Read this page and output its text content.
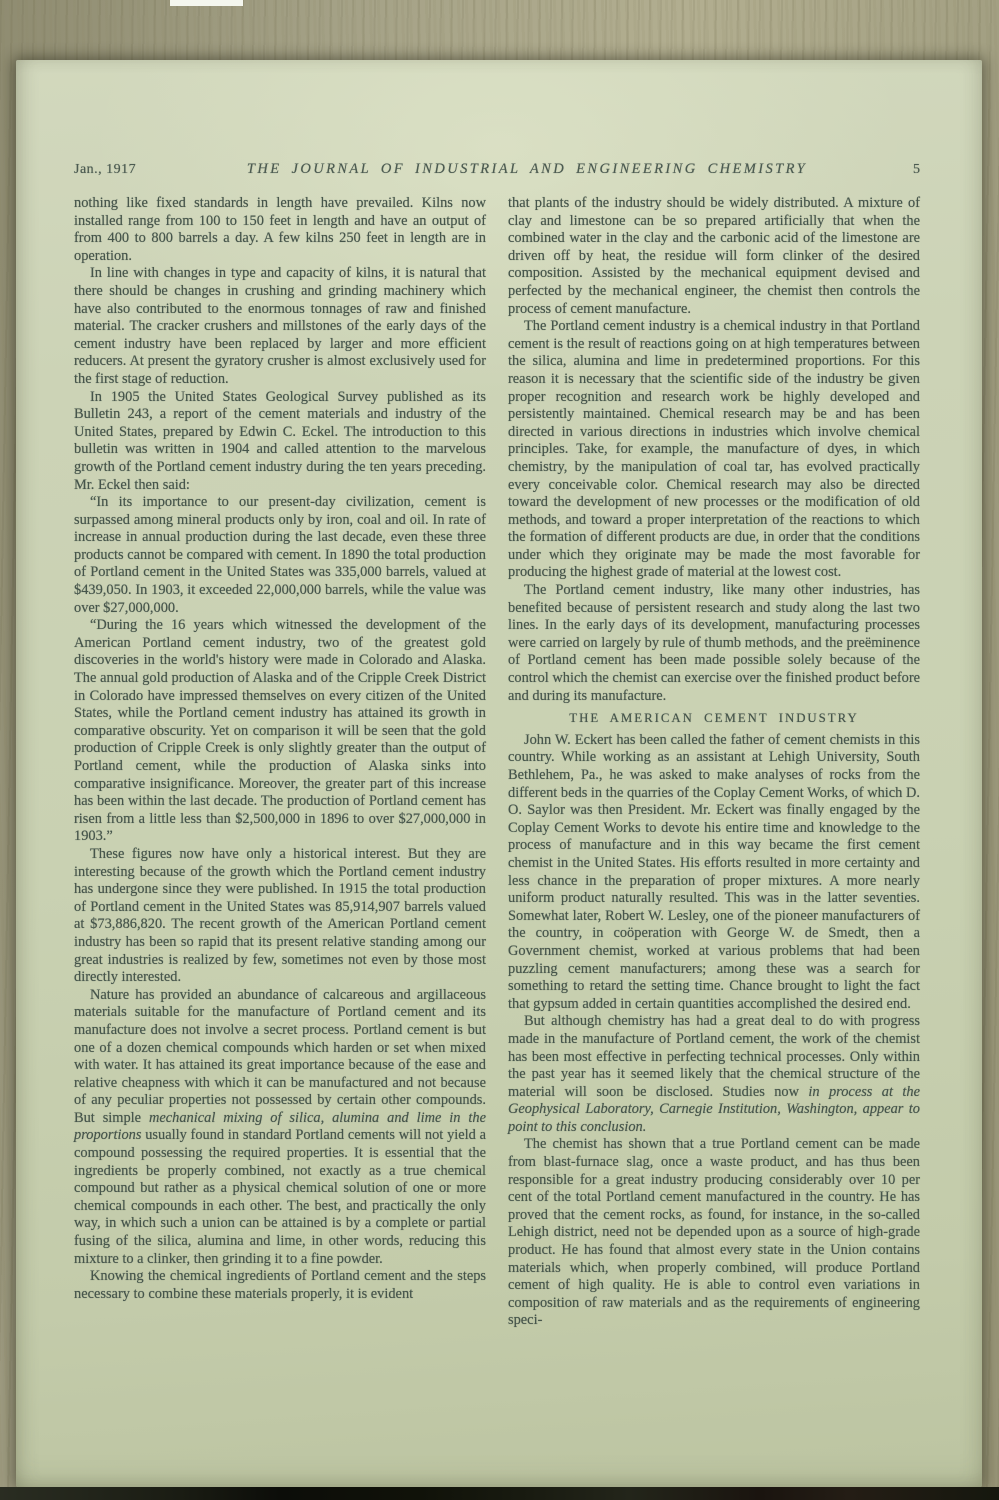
Jan., 1917	THE JOURNAL OF INDUSTRIAL AND ENGINEERING CHEMISTRY	5

nothing like fixed standards in length have prevailed. Kilns now installed range from 100 to 150 feet in length and have an output of from 400 to 800 barrels a day. A few kilns 250 feet in length are in operation.

In line with changes in type and capacity of kilns, it is natural that there should be changes in crushing and grinding machinery which have also contributed to the enormous tonnages of raw and finished material. The cracker crushers and millstones of the early days of the cement industry have been replaced by larger and more efficient reducers. At present the gyratory crusher is almost exclusively used for the first stage of reduction.

In 1905 the United States Geological Survey published as its Bulletin 243, a report of the cement materials and industry of the United States, prepared by Edwin C. Eckel. The introduction to this bulletin was written in 1904 and called attention to the marvelous growth of the Portland cement industry during the ten years preceding. Mr. Eckel then said:

“In its importance to our present-day civilization, cement is surpassed among mineral products only by iron, coal and oil. In rate of increase in annual production during the last decade, even these three products cannot be compared with cement. In 1890 the total production of Portland cement in the United States was 335,000 barrels, valued at $439,050. In 1903, it exceeded 22,000,000 barrels, while the value was over $27,000,000.

“During the 16 years which witnessed the development of the American Portland cement industry, two of the greatest gold discoveries in the world's history were made in Colorado and Alaska. The annual gold production of Alaska and of the Cripple Creek District in Colorado have impressed themselves on every citizen of the United States, while the Portland cement industry has attained its growth in comparative obscurity. Yet on comparison it will be seen that the gold production of Cripple Creek is only slightly greater than the output of Portland cement, while the production of Alaska sinks into comparative insignificance. Moreover, the greater part of this increase has been within the last decade. The production of Portland cement has risen from a little less than $2,500,000 in 1896 to over $27,000,000 in 1903.”

These figures now have only a historical interest. But they are interesting because of the growth which the Portland cement industry has undergone since they were published. In 1915 the total production of Portland cement in the United States was 85,914,907 barrels valued at $73,886,820. The recent growth of the American Portland cement industry has been so rapid that its present relative standing among our great industries is realized by few, sometimes not even by those most directly interested.

Nature has provided an abundance of calcareous and argillaceous materials suitable for the manufacture of Portland cement and its manufacture does not involve a secret process. Portland cement is but one of a dozen chemical compounds which harden or set when mixed with water. It has attained its great importance because of the ease and relative cheapness with which it can be manufactured and not because of any peculiar properties not possessed by certain other compounds. But simple mechanical mixing of silica, alumina and lime in the proportions usually found in standard Portland cements will not yield a compound possessing the required properties. It is essential that the ingredients be properly combined, not exactly as a true chemical compound but rather as a physical chemical solution of one or more chemical compounds in each other. The best, and practically the only way, in which such a union can be attained is by a complete or partial fusing of the silica, alumina and lime, in other words, reducing this mixture to a clinker, then grinding it to a fine powder.

Knowing the chemical ingredients of Portland cement and the steps necessary to combine these materials properly, it is evident

that plants of the industry should be widely distributed. A mixture of clay and limestone can be so prepared artificially that when the combined water in the clay and the carbonic acid of the limestone are driven off by heat, the residue will form clinker of the desired composition. Assisted by the mechanical equipment devised and perfected by the mechanical engineer, the chemist then controls the process of cement manufacture.

The Portland cement industry is a chemical industry in that Portland cement is the result of reactions going on at high temperatures between the silica, alumina and lime in predetermined proportions. For this reason it is necessary that the scientific side of the industry be given proper recognition and research work be highly developed and persistently maintained. Chemical research may be and has been directed in various directions in industries which involve chemical principles. Take, for example, the manufacture of dyes, in which chemistry, by the manipulation of coal tar, has evolved practically every conceivable color. Chemical research may also be directed toward the development of new processes or the modification of old methods, and toward a proper interpretation of the reactions to which the formation of different products are due, in order that the conditions under which they originate may be made the most favorable for producing the highest grade of material at the lowest cost.

The Portland cement industry, like many other industries, has benefited because of persistent research and study along the last two lines. In the early days of its development, manufacturing processes were carried on largely by rule of thumb methods, and the preëminence of Portland cement has been made possible solely because of the control which the chemist can exercise over the finished product before and during its manufacture.

THE AMERICAN CEMENT INDUSTRY

John W. Eckert has been called the father of cement chemists in this country. While working as an assistant at Lehigh University, South Bethlehem, Pa., he was asked to make analyses of rocks from the different beds in the quarries of the Coplay Cement Works, of which D. O. Saylor was then President. Mr. Eckert was finally engaged by the Coplay Cement Works to devote his entire time and knowledge to the process of manufacture and in this way became the first cement chemist in the United States. His efforts resulted in more certainty and less chance in the preparation of proper mixtures. A more nearly uniform product naturally resulted. This was in the latter seventies. Somewhat later, Robert W. Lesley, one of the pioneer manufacturers of the country, in coöperation with George W. de Smedt, then a Government chemist, worked at various problems that had been puzzling cement manufacturers; among these was a search for something to retard the setting time. Chance brought to light the fact that gypsum added in certain quantities accomplished the desired end.

But although chemistry has had a great deal to do with progress made in the manufacture of Portland cement, the work of the chemist has been most effective in perfecting technical processes. Only within the past year has it seemed likely that the chemical structure of the material will soon be disclosed. Studies now in process at the Geophysical Laboratory, Carnegie Institution, Washington, appear to point to this conclusion.

The chemist has shown that a true Portland cement can be made from blast-furnace slag, once a waste product, and has thus been responsible for a great industry producing considerably over 10 per cent of the total Portland cement manufactured in the country. He has proved that the cement rocks, as found, for instance, in the so-called Lehigh district, need not be depended upon as a source of high-grade product. He has found that almost every state in the Union contains materials which, when properly combined, will produce Portland cement of high quality. He is able to control even variations in composition of raw materials and as the requirements of engineering speci-
